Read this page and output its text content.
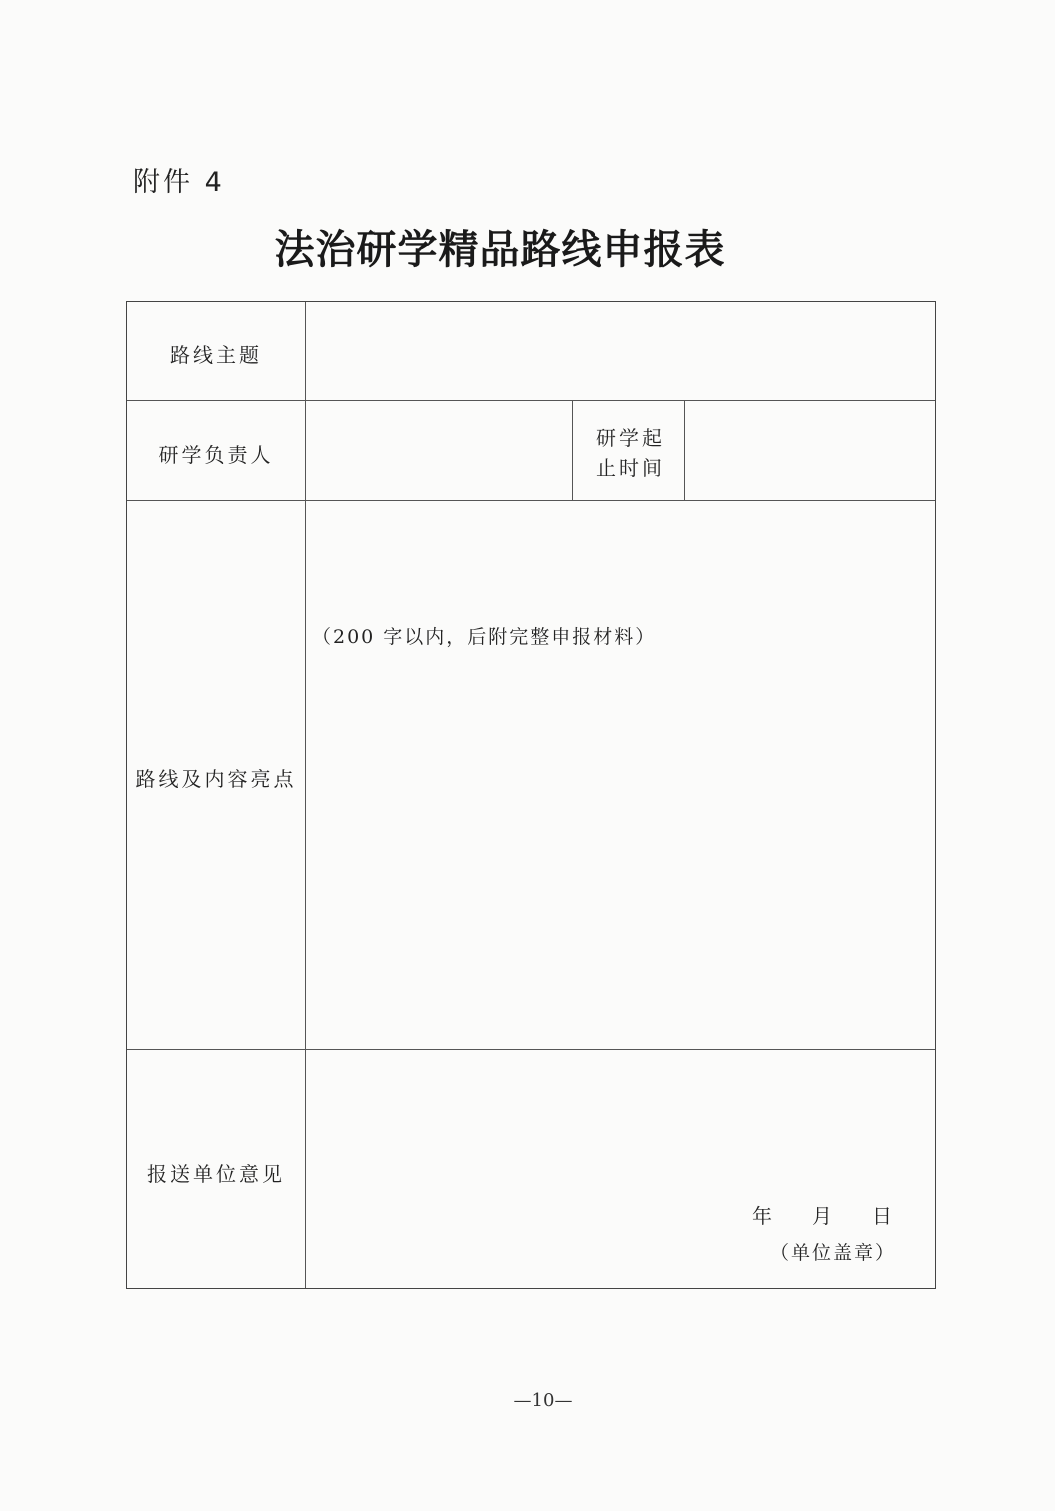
附件 4
法治研学精品路线申报表
路线主题
研学负责人
研学起
止时间
路线及内容亮点
（200 字以内，后附完整申报材料）
报送单位意见
年 月 日
（单位盖章）
—10—
